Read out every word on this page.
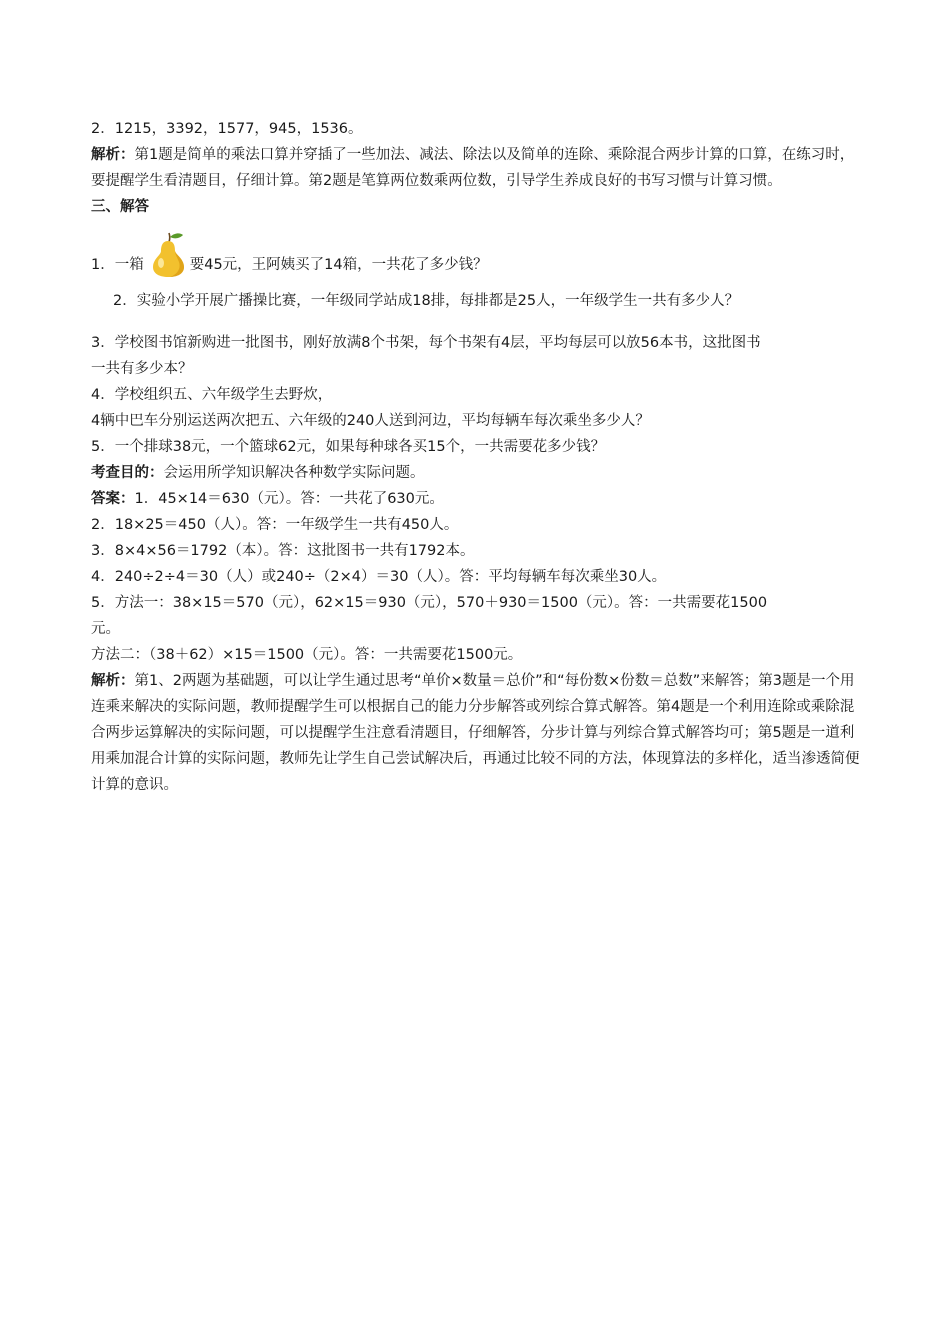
2．1215，3392，1577，945，1536。
解析：第1题是简单的乘法口算并穿插了一些加法、减法、除法以及简单的连除、乘除混合两步计算的口算，在练习时，要提醒学生看清题目，仔细计算。第2题是笔算两位数乘两位数，引导学生养成良好的书写习惯与计算习惯。
三、解答
1．一箱	要45元，王阿姨买了14箱，一共花了多少钱？
2．实验小学开展广播操比赛，一年级同学站成18排，每排都是25人，一年级学生一共有多少人？
3．学校图书馆新购进一批图书，刚好放满8个书架，每个书架有4层，平均每层可以放56本书，这批图书
一共有多少本？
4．学校组织五、六年级学生去野炊，
4辆中巴车分别运送两次把五、六年级的240人送到河边，平均每辆车每次乘坐多少人？
5．一个排球38元，一个篮球62元，如果每种球各买15个，一共需要花多少钱？
考查目的：会运用所学知识解决各种数学实际问题。
答案：1．45×14＝630（元）。答：一共花了630元。
2．18×25＝450（人）。答：一年级学生一共有450人。
3．8×4×56＝1792（本）。答：这批图书一共有1792本。
4．240÷2÷4＝30（人）或240÷（2×4）＝30（人）。答：平均每辆车每次乘坐30人。
5．方法一：38×15＝570（元），62×15＝930（元），570＋930＝1500（元）。答：一共需要花1500
元。
方法二：（38＋62）×15＝1500（元）。答：一共需要花1500元。
解析：第1、2两题为基础题，可以让学生通过思考“单价×数量＝总价”和“每份数×份数＝总数”来解答；第3题是一个用连乘来解决的实际问题，教师提醒学生可以根据自己的能力分步解答或列综合算式解答。第4题是一个利用连除或乘除混合两步运算解决的实际问题，可以提醒学生注意看清题目，仔细解答，分步计算与列综合算式解答均可；第5题是一道利用乘加混合计算的实际问题，教师先让学生自己尝试解决后，再通过比较不同的方法，体现算法的多样化，适当渗透简便计算的意识。
